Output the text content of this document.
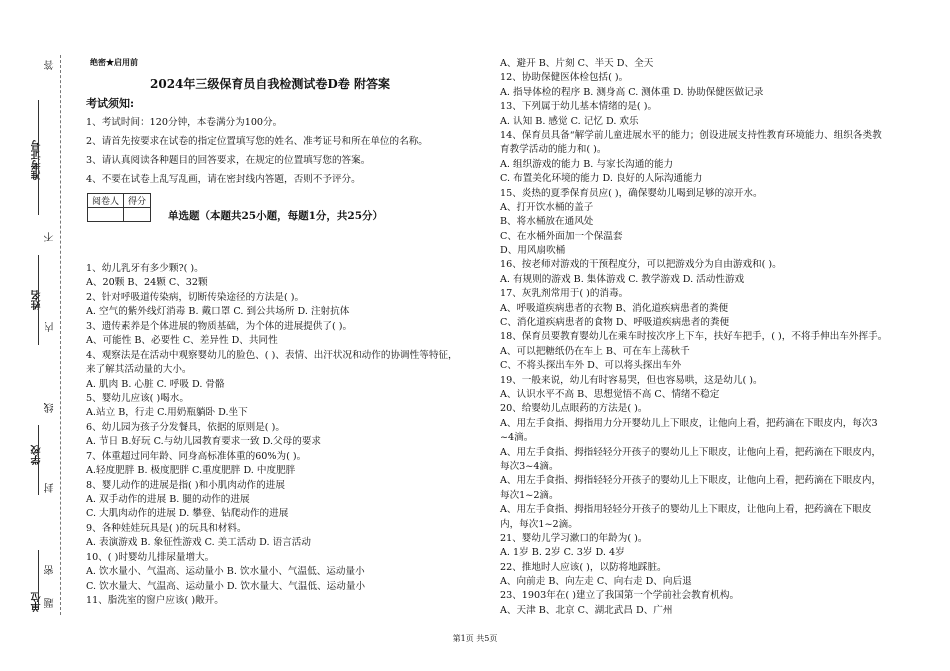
答
准考证号
不
姓名
内
线
学校
封
密
单位 题
绝密★启用前
2024年三级保育员自我检测试卷D卷 附答案
考试须知:
1、考试时间：120分钟，本卷满分为100分。
2、请首先按要求在试卷的指定位置填写您的姓名、准考证号和所在单位的名称。
3、请认真阅读各种题目的回答要求，在规定的位置填写您的答案。
4、不要在试卷上乱写乱画，请在密封线内答题，否则不予评分。
阅卷人	得分

单选题（本题共25小题，每题1分，共25分）
1、幼儿乳牙有多少颗?( )。
A、20颗 B、24颗 C、32颗
2、针对呼吸道传染病，切断传染途径的方法是( )。
A. 空气的紫外线灯消毒 B. 戴口罩 C. 到公共场所 D. 注射抗体
3、遗传素养是个体进展的物质基础，为个体的进展提供了( )。
A、可能性 B、必要性 C、差异性 D、共同性
4、观察法是在活动中观察婴幼儿的脸色、( )、表情、出汗状况和动作的协调性等特征，
来了解其活动量的大小。
A. 肌肉 B. 心脏 C. 呼吸 D. 骨骼
5、婴幼儿应该( )喝水。
A.站立 B，行走 C.用奶瓶躺卧 D.坐下
6、幼儿园为孩子分发餐具，依据的原则是( )。
A. 节日 B.好玩 C.与幼儿园教育要求一致 D.父母的要求
7、体重超过同年龄、同身高标准体重的60%为( )。
A.轻度肥胖 B. 极度肥胖 C.重度肥胖 D. 中度肥胖
8、婴儿动作的进展是指( )和小肌肉动作的进展
A. 双手动作的进展 B. 腿的动作的进展
C. 大肌肉动作的进展 D. 攀登、钻爬动作的进展
9、各种娃娃玩具是( )的玩具和材料。
A. 表演游戏 B. 象征性游戏 C. 美工活动 D. 语言活动
10、( )时婴幼儿排尿量增大。
A. 饮水量小、气温高、运动量小 B. 饮水量小、气温低、运动量小
C. 饮水量大、气温高、运动量小 D. 饮水量大、气温低、运动量小
11、脂洗室的窗户应该( )敞开。
A、避开 B、片刻 C、半天 D、全天
12、协助保健医体检包括( )。
A. 指导体检的程序 B. 测身高 C. 测体重 D. 协助保健医做记录
13、下列属于幼儿基本情绪的是( )。
A. 认知 B. 感觉 C. 记忆 D. 欢乐
14、保育员具备“解学前儿童进展水平的能力；创设进展支持性教育环境能力、组织各类教
育教学活动的能力和( )。
A. 组织游戏的能力 B. 与家长沟通的能力
C. 布置美化环境的能力 D. 良好的人际沟通能力
15、炎热的夏季保育员应( )，确保婴幼儿喝到足够的凉开水。
A、打开饮水桶的盖子
B、将水桶放在通风处
C、在水桶外面加一个保温套
D、用风扇吹桶
16、按老师对游戏的干预程度分，可以把游戏分为自由游戏和( )。
A. 有规则的游戏 B. 集体游戏 C. 教学游戏 D. 活动性游戏
17、灰乳剂常用于( )的消毒。
A、呼吸道疾病患者的衣物 B、消化道疾病患者的粪便
C、消化道疾病患者的食物 D、呼吸道疾病患者的粪便
18、保育员要教育婴幼儿在乘车时按次序上下车，扶好车把手，( )，不将手伸出车外挥手。
A、可以把糖纸仍在车上 B、可在车上荡秋千
C、不将头探出车外 D、可以将头探出车外
19、一般来说，幼儿有时容易哭，但也容易哄，这是幼儿( )。
A、认识水平不高 B、思想觉悟不高 C、情绪不稳定
20、给婴幼儿点眼药的方法是( )。
A、用左手食指、拇指用力分开婴幼儿上下眼皮，让他向上看，把药滴在下眼皮内，每次3
~4滴。
A、用左手食指、拇指轻轻分开孩子的婴幼儿上下眼皮，让他向上看，把药滴在下眼皮内，
每次3~4滴。
A、用左手食指、拇指轻轻分开孩子的婴幼儿上下眼皮，让他向上看，把药滴在下眼皮内，
每次1~2滴。
A、用左手食指、拇指用轻轻分开孩子的婴幼儿上下眼皮，让他向上看，把药滴在下眼皮
内，每次1~2滴。
21、婴幼儿学习漱口的年龄为( )。
A. 1岁 B. 2岁 C. 3岁 D. 4岁
22、推地时人应该( )，以防将地踩脏。
A、向前走 B、向左走 C、向右走 D、向后退
23、1903年在( )建立了我国第一个学前社会教育机构。
A、天津 B、北京 C、湖北武昌 D、广州
第1页 共5页
